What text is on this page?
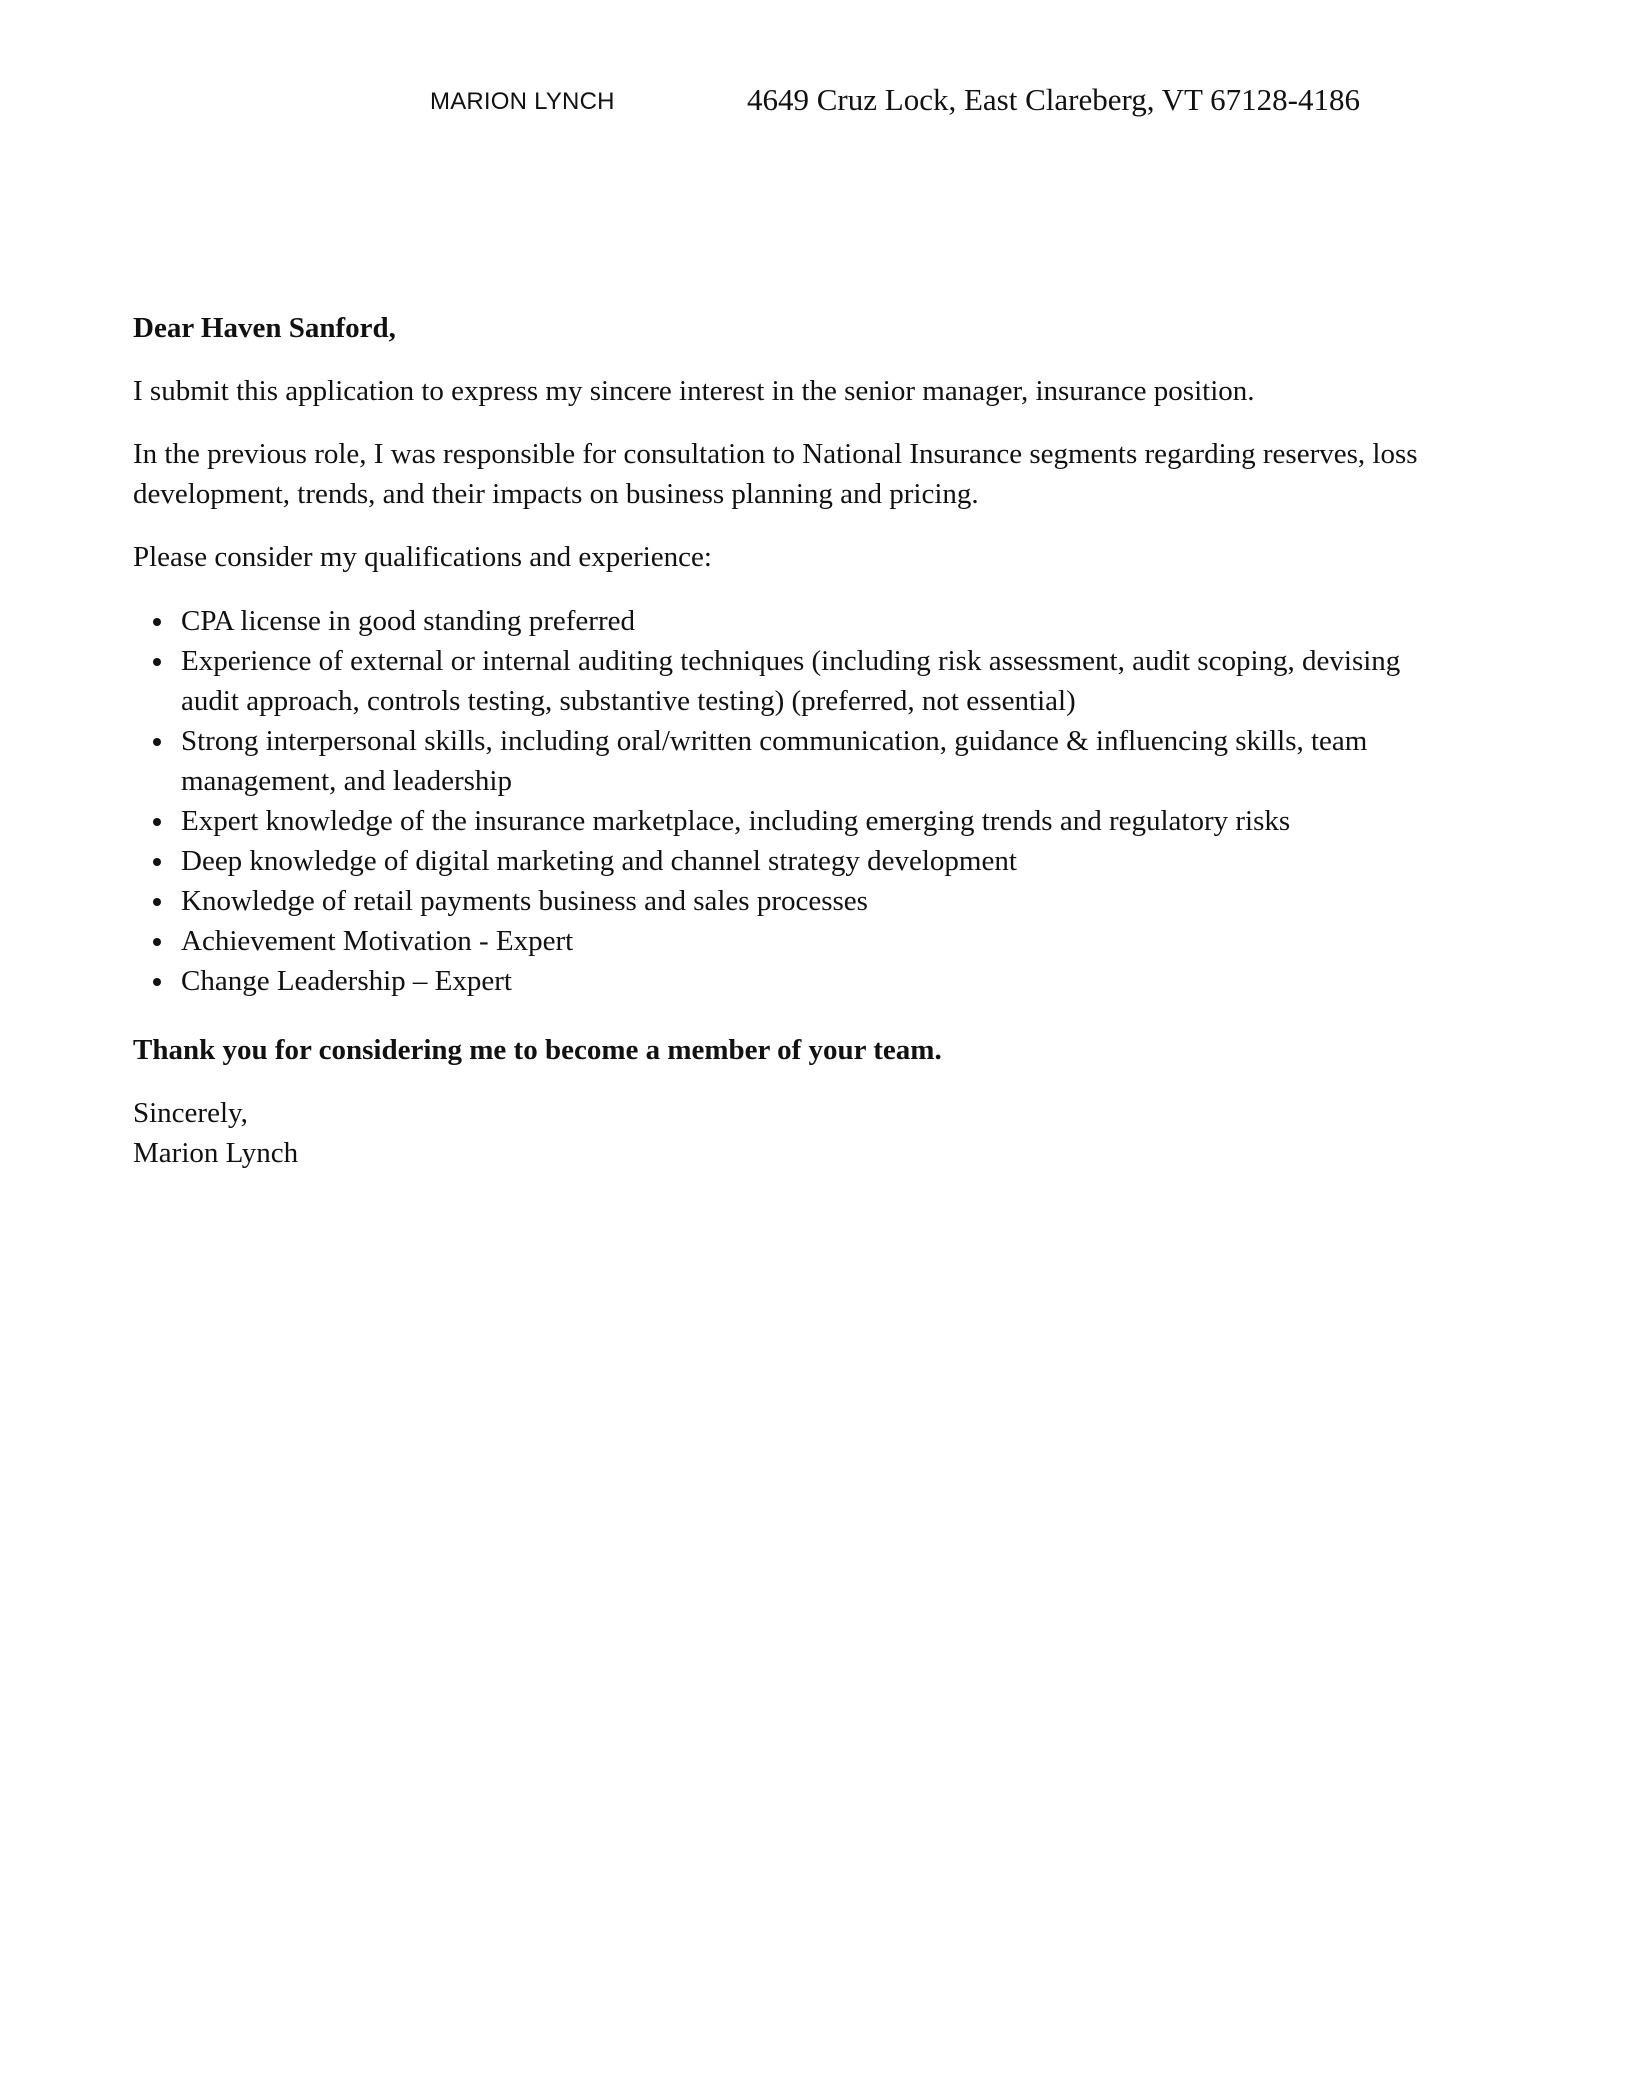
MARION LYNCH	4649 Cruz Lock, East Clareberg, VT 67128-4186

Dear Haven Sanford,

I submit this application to express my sincere interest in the senior manager, insurance position.

In the previous role, I was responsible for consultation to National Insurance segments regarding reserves, loss development, trends, and their impacts on business planning and pricing.

Please consider my qualifications and experience:

CPA license in good standing preferred
Experience of external or internal auditing techniques (including risk assessment, audit scoping, devising audit approach, controls testing, substantive testing) (preferred, not essential)
Strong interpersonal skills, including oral/written communication, guidance & influencing skills, team management, and leadership
Expert knowledge of the insurance marketplace, including emerging trends and regulatory risks
Deep knowledge of digital marketing and channel strategy development
Knowledge of retail payments business and sales processes
Achievement Motivation - Expert
Change Leadership – Expert

Thank you for considering me to become a member of your team.

Sincerely,

Marion Lynch
